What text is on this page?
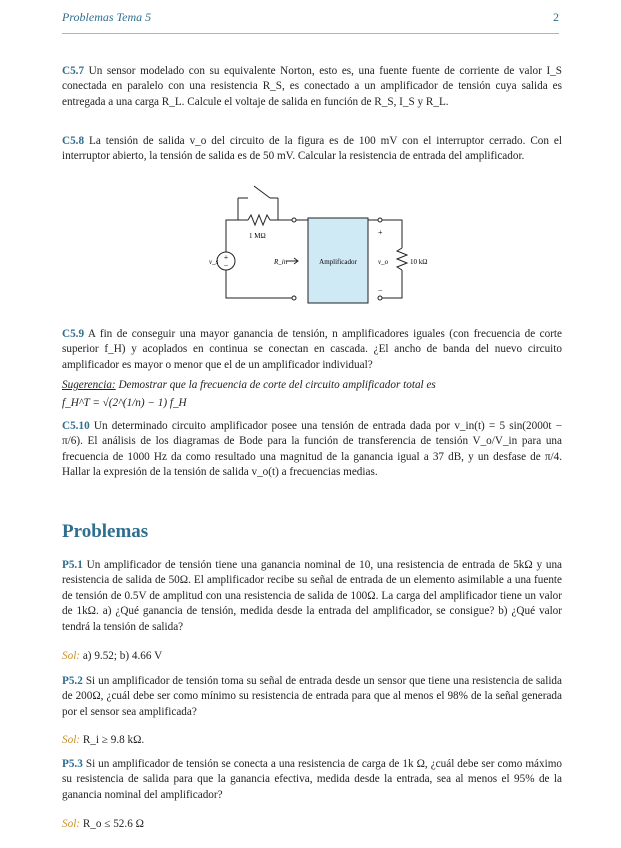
Problemas Tema 5	2
C5.7 Un sensor modelado con su equivalente Norton, esto es, una fuente fuente de corriente de valor I_S conectada en paralelo con una resistencia R_S, es conectado a un amplificador de tensión cuya salida es entregada a una carga R_L. Calcule el voltaje de salida en función de R_S, I_S y R_L.
C5.8 La tensión de salida v_o del circuito de la figura es de 100 mV con el interruptor cerrado. Con el interruptor abierto, la tensión de salida es de 50 mV. Calcular la resistencia de entrada del amplificador.
+
−	Amplificador
1 MΩ
v_s	R_in	v_o	10 kΩ
+
−
C5.9 A fin de conseguir una mayor ganancia de tensión, n amplificadores iguales (con frecuencia de corte superior f_H) y acoplados en continua se conectan en cascada. ¿El ancho de banda del nuevo circuito amplificador es mayor o menor que el de un amplificador individual?
Sugerencia: Demostrar que la frecuencia de corte del circuito amplificador total es
f_H^T = √(2^(1/n) − 1) f_H
C5.10 Un determinado circuito amplificador posee una tensión de entrada dada por v_in(t) = 5 sin(2000t − π/6). El análisis de los diagramas de Bode para la función de transferencia de tensión V_o/V_in para una frecuencia de 1000 Hz da como resultado una magnitud de la ganancia igual a 37 dB, y un desfase de π/4. Hallar la expresión de la tensión de salida v_o(t) a frecuencias medias.
Problemas
P5.1 Un amplificador de tensión tiene una ganancia nominal de 10, una resistencia de entrada de 5kΩ y una resistencia de salida de 50Ω. El amplificador recibe su señal de entrada de un elemento asimilable a una fuente de tensión de 0.5V de amplitud con una resistencia de salida de 100Ω. La carga del amplificador tiene un valor de 1kΩ. a) ¿Qué ganancia de tensión, medida desde la entrada del amplificador, se consigue? b) ¿Qué valor tendrá la tensión de salida?
Sol: a) 9.52; b) 4.66 V
P5.2 Si un amplificador de tensión toma su señal de entrada desde un sensor que tiene una resistencia de salida de 200Ω, ¿cuál debe ser como mínimo su resistencia de entrada para que al menos el 98% de la señal generada por el sensor sea amplificada?
Sol: R_i ≥ 9.8 kΩ.
P5.3 Si un amplificador de tensión se conecta a una resistencia de carga de 1k Ω, ¿cuál debe ser como máximo su resistencia de salida para que la ganancia efectiva, medida desde la entrada, sea al menos el 95% de la ganancia nominal del amplificador?
Sol: R_o ≤ 52.6 Ω
